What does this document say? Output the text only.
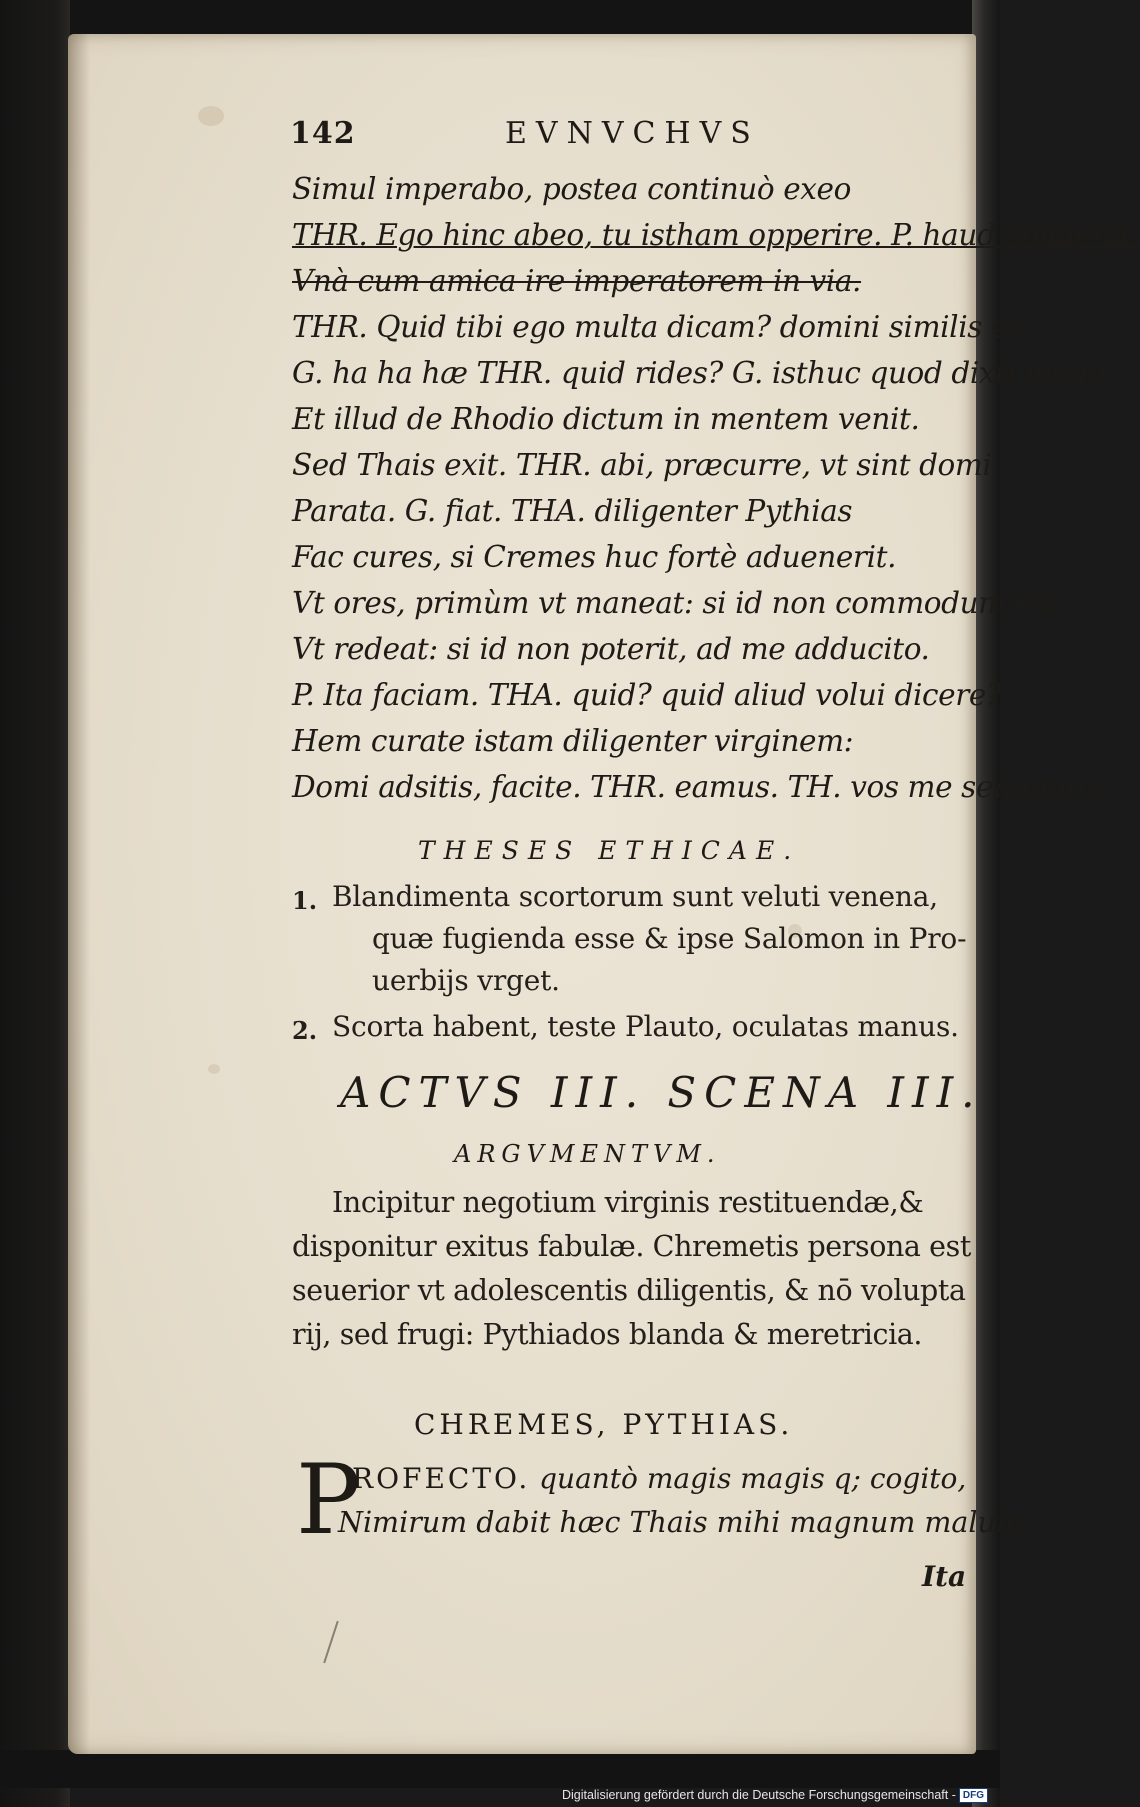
142	EVNVCHVS
Simul imperabo, postea continuò exeo
THR. Ego hinc abeo, tu istham opperire. P. haud conuenit.
Vnà cum amica ire imperatorem in via.
THR. Quid tibi ego multa dicam? domini similis es.
G. ha ha hæ THR. quid rides? G. isthuc quod dixti modò:
Et illud de Rhodio dictum in mentem venit.
Sed Thais exit. THR. abi, præcurre, vt sint domi
Parata. G. fiat. THA. diligenter Pythias
Fac cures, si Cremes huc fortè aduenerit.
Vt ores, primùm vt maneat: si id non commodum est.
Vt redeat: si id non poterit, ad me adducito.
P. Ita faciam. THA. quid? quid aliud volui dicere?
Hem curate istam diligenter virginem:
Domi adsitis, facite. THR. eamus. TH. vos me sequimini.
THESES ETHICAE.
1. Blandimenta scortorum sunt veluti venena,
quæ fugienda esse & ipse Salomon in Pro-
uerbijs vrget.
2. Scorta habent, teste Plauto, oculatas manus.
ACTVS III. SCENA III.
ARGVMENTVM.
Incipitur negotium virginis restituendæ,&
disponitur exitus fabulæ. Chremetis persona est
seuerior vt adolescentis diligentis, & nō volupta
rij, sed frugi: Pythiados blanda & meretricia.
CHREMES, PYTHIAS.
P
ROFECTO. quantò magis magis q; cogito,
Nimirum dabit hæc Thais mihi magnum malum.
Ita
Digitalisierung gefördert durch die Deutsche Forschungsgemeinschaft - DFG
